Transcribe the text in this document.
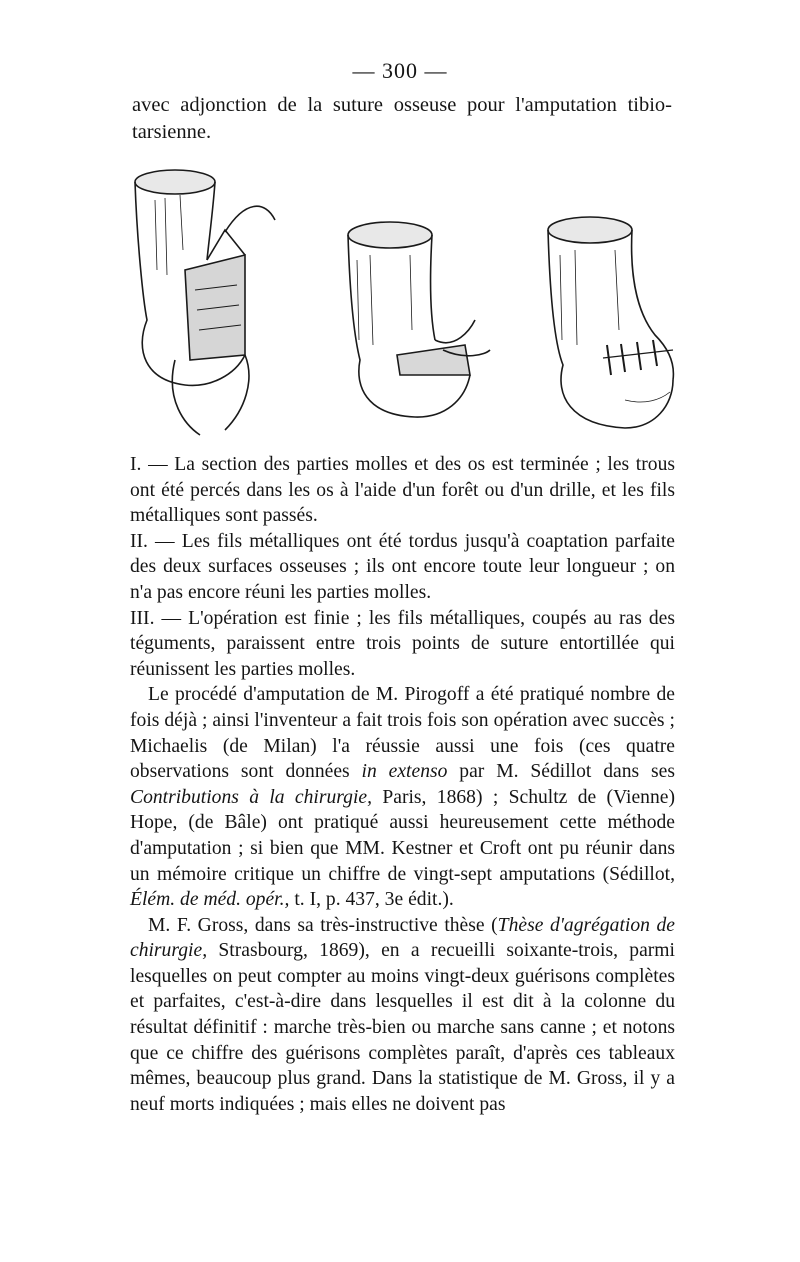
— 300 —
avec adjonction de la suture osseuse pour l'amputation tibio-tarsienne.

I. — La section des parties molles et des os est terminée ; les trous ont été percés dans les os à l'aide d'un forêt ou d'un drille, et les fils métalliques sont passés.

II. — Les fils métalliques ont été tordus jusqu'à coaptation parfaite des deux surfaces osseuses ; ils ont encore toute leur longueur ; on n'a pas encore réuni les parties molles.

III. — L'opération est finie ; les fils métalliques, coupés au ras des téguments, paraissent entre trois points de suture entortillée qui réunissent les parties molles.

Le procédé d'amputation de M. Pirogoff a été pratiqué nombre de fois déjà ; ainsi l'inventeur a fait trois fois son opération avec succès ; Michaelis (de Milan) l'a réussie aussi une fois (ces quatre observations sont données in extenso par M. Sédillot dans ses Contributions à la chirurgie, Paris, 1868) ; Schultz de (Vienne) Hope, (de Bâle) ont pratiqué aussi heureusement cette méthode d'amputation ; si bien que MM. Kestner et Croft ont pu réunir dans un mémoire critique un chiffre de vingt-sept amputations (Sédillot, Élém. de méd. opér., t. I, p. 437, 3e édit.).

M. F. Gross, dans sa très-instructive thèse (Thèse d'agrégation de chirurgie, Strasbourg, 1869), en a recueilli soixante-trois, parmi lesquelles on peut compter au moins vingt-deux guérisons complètes et parfaites, c'est-à-dire dans lesquelles il est dit à la colonne du résultat définitif : marche très-bien ou marche sans canne ; et notons que ce chiffre des guérisons complètes paraît, d'après ces tableaux mêmes, beaucoup plus grand. Dans la statistique de M. Gross, il y a neuf morts indiquées ; mais elles ne doivent pas
